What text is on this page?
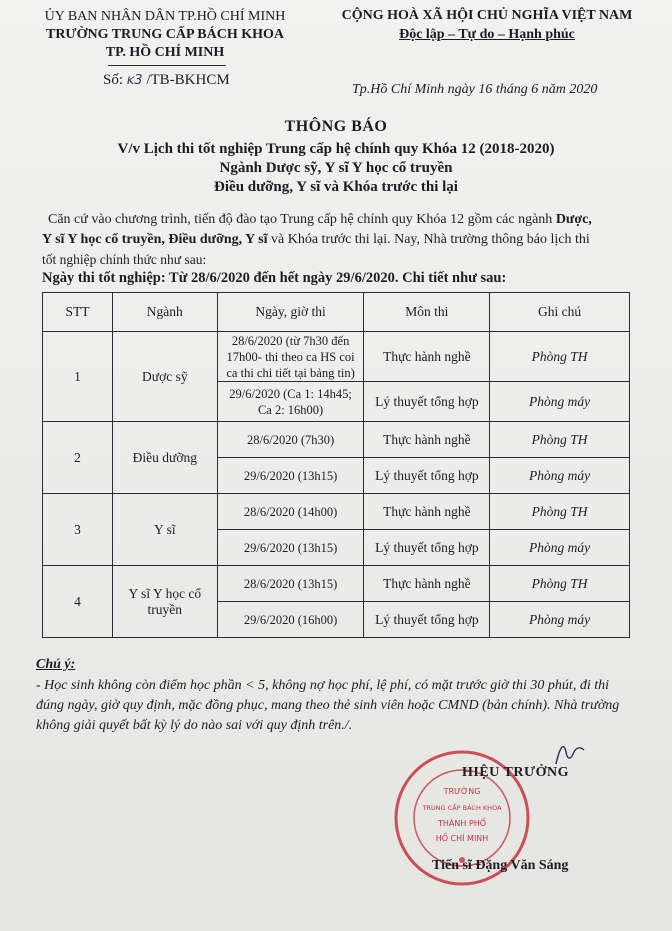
ỦY BAN NHÂN DÂN TP.HỒ CHÍ MINH
TRƯỜNG TRUNG CẤP BÁCH KHOA
TP. HỒ CHÍ MINH
CỘNG HOÀ XÃ HỘI CHỦ NGHĨA VIỆT NAM
Độc lập – Tự do – Hạnh phúc
Số: ᴋ3 /TB-BKHCM
Tp.Hồ Chí Minh ngày 16 tháng 6 năm 2020
THÔNG BÁO
V/v Lịch thi tốt nghiệp Trung cấp hệ chính quy Khóa 12 (2018-2020)
Ngành Dược sỹ, Y sĩ Y học cổ truyền
Điều dưỡng, Y sĩ và Khóa trước thi lại
Căn cứ vào chương trình, tiến độ đào tạo Trung cấp hệ chính quy Khóa 12 gồm các ngành Dược,
Y sĩ Y học cổ truyền, Điều dưỡng, Y sĩ và Khóa trước thi lại. Nay, Nhà trường thông báo lịch thi
tốt nghiệp chính thức như sau:
Ngày thi tốt nghiệp: Từ 28/6/2020 đến hết ngày 29/6/2020. Chi tiết như sau:
STT	Ngành	Ngày, giờ thi	Môn thi	Ghi chú
1	Dược sỹ	28/6/2020 (từ 7h30 đến
17h00- thi theo ca HS coi
ca thi chi tiết tại bảng tin)	Thực hành nghề	Phòng TH

		29/6/2020 (Ca 1: 14h45;
Ca 2: 16h00)	Lý thuyết tổng hợp	Phòng máy
2	Điều dưỡng	28/6/2020 (7h30)	Thực hành nghề	Phòng TH

		29/6/2020 (13h15)	Lý thuyết tổng hợp	Phòng máy
3	Y sĩ	28/6/2020 (14h00)	Thực hành nghề	Phòng TH

		29/6/2020 (13h15)	Lý thuyết tổng hợp	Phòng máy
4	Y sĩ Y học cổ
truyền	28/6/2020 (13h15)	Thực hành nghề	Phòng TH

		29/6/2020 (16h00)	Lý thuyết tổng hợp	Phòng máy
Chú ý:
- Học sinh không còn điểm học phần < 5, không nợ học phí, lệ phí, có mặt trước giờ thi 30 phút, đi thi
đúng ngày, giờ quy định, mặc đồng phục, mang theo thẻ sinh viên hoặc CMND (bản chính). Nhà trường
không giải quyết bất kỳ lý do nào sai với quy định trên./.
TRƯỜNG
TRUNG CẤP BÁCH KHOA
THÀNH PHỐ
HỒ CHÍ MINH
HIỆU TRƯỞNG
Tiến sĩ Đặng Văn Sáng
